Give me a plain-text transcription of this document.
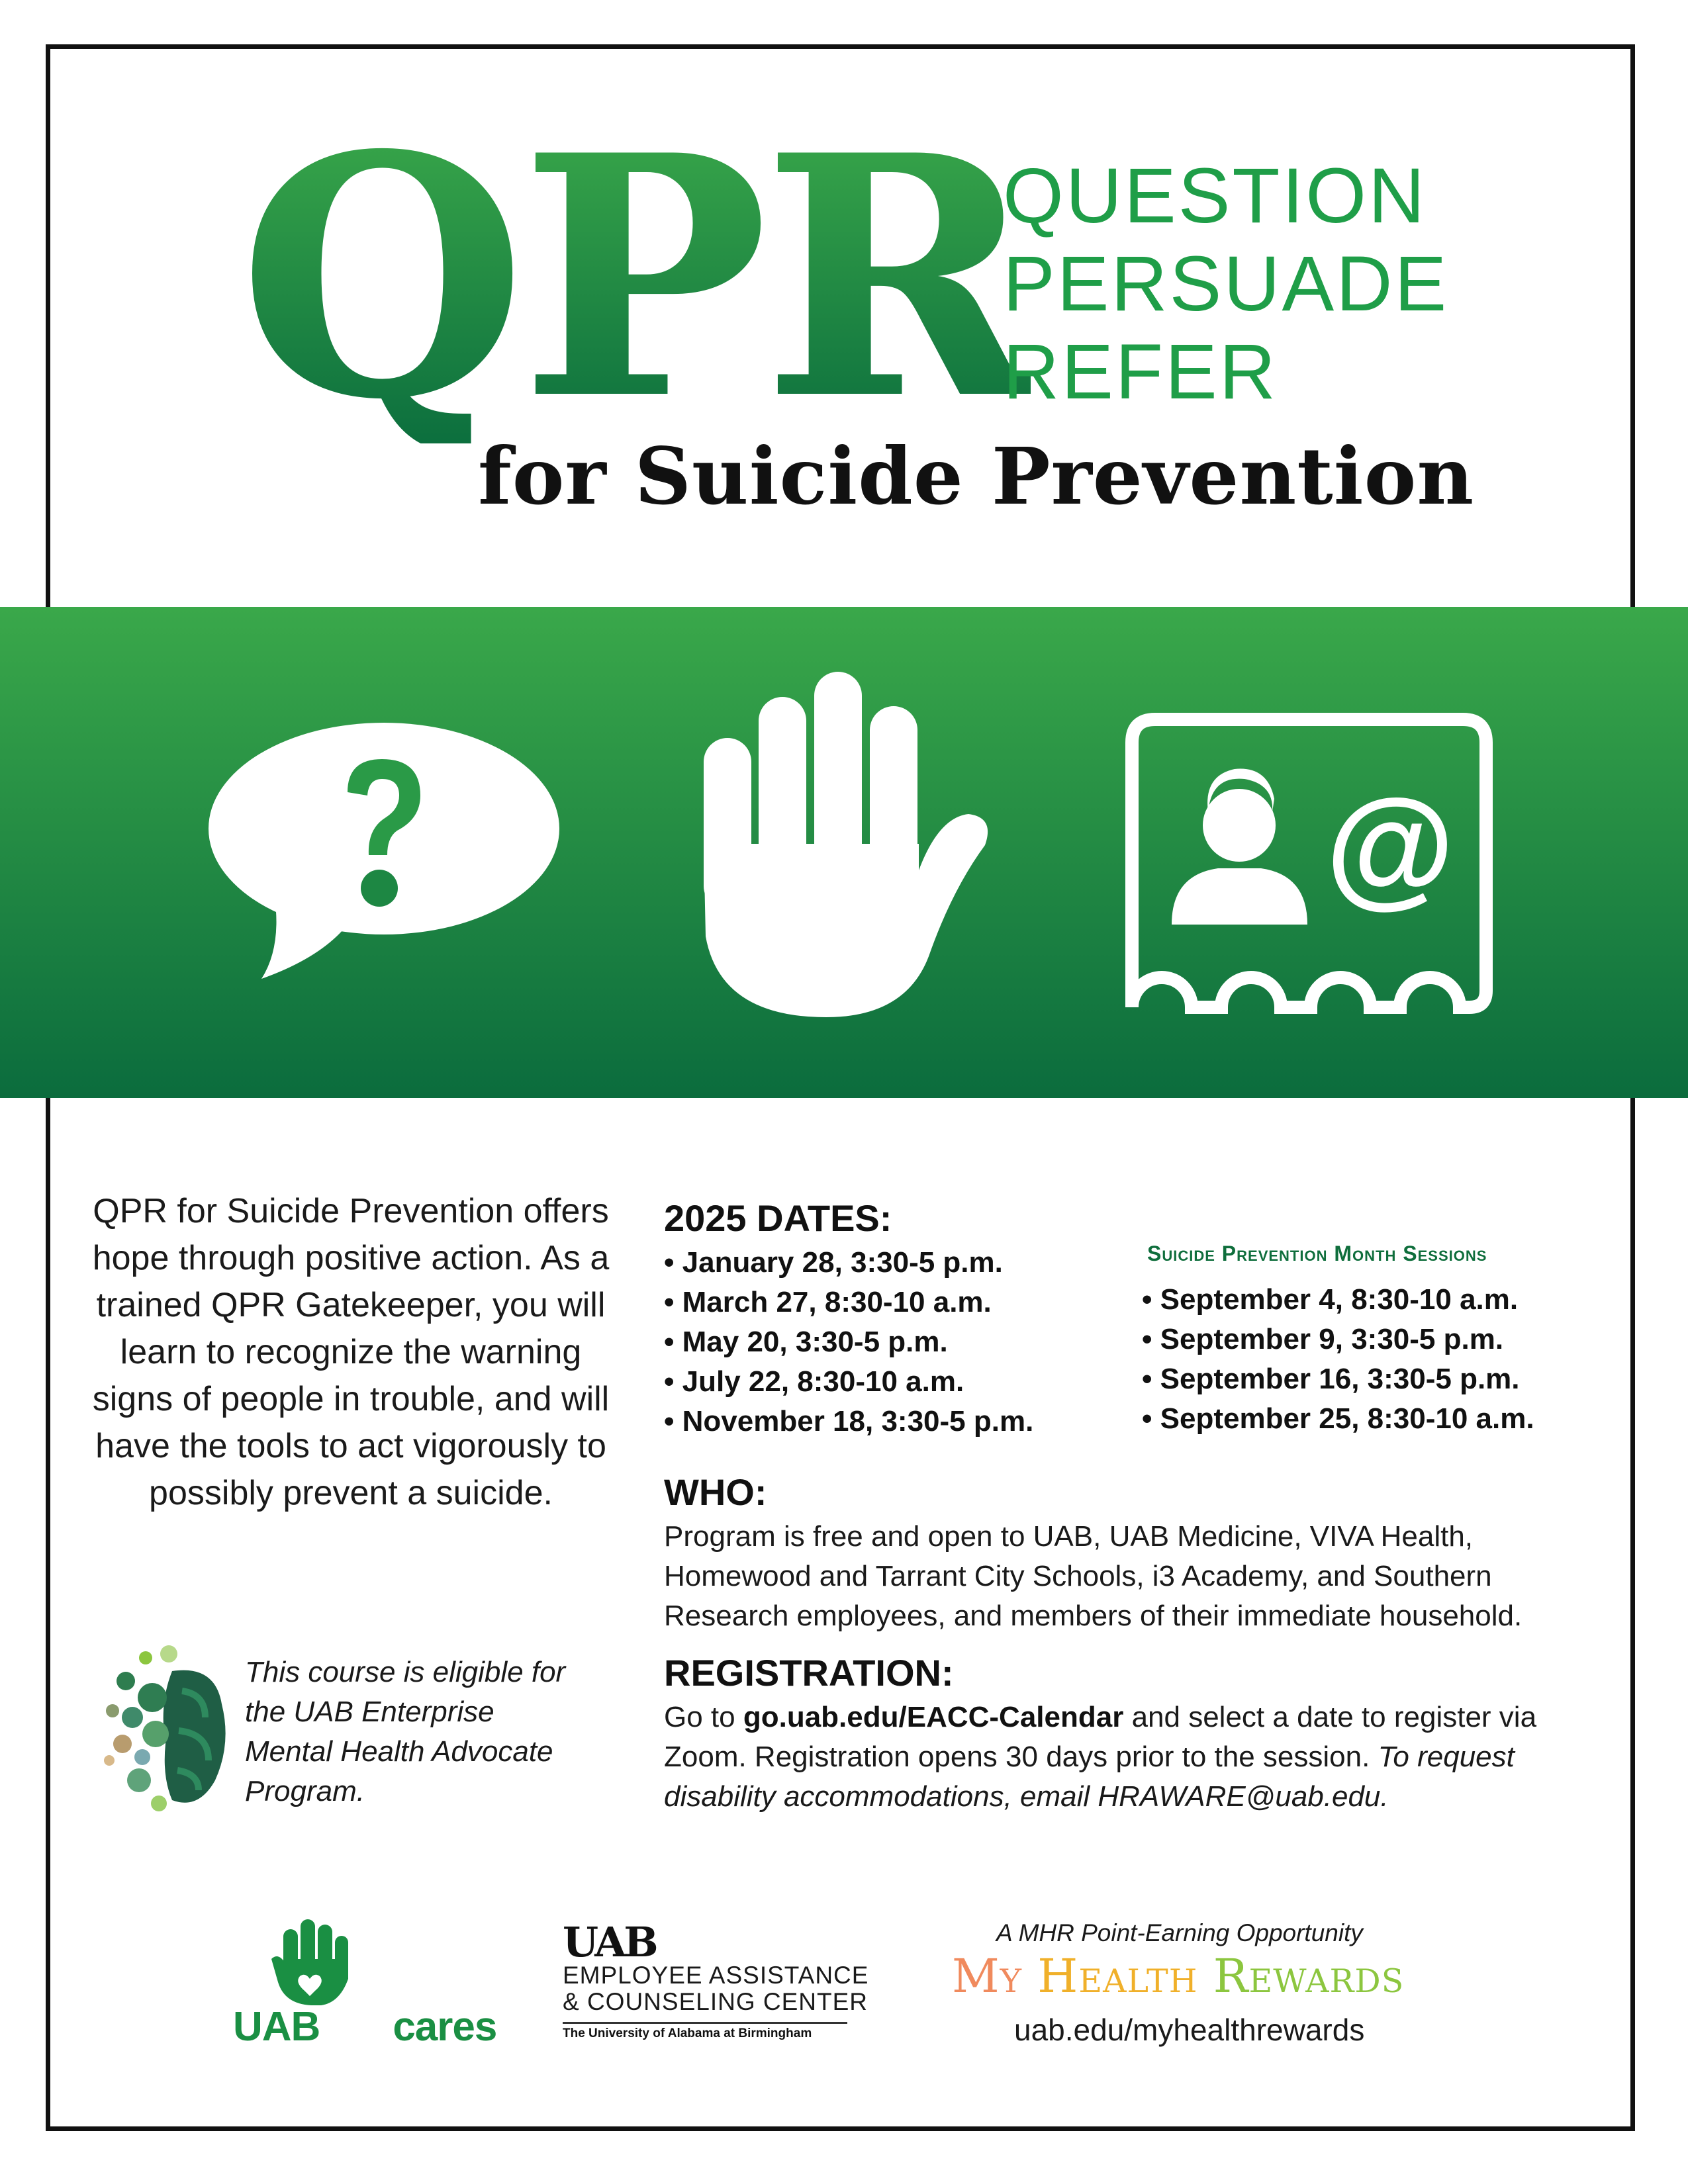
QPR
QUESTION
PERSUADE
REFER
for Suicide Prevention
@
QPR for Suicide Prevention offers hope through positive action. As a trained QPR Gatekeeper, you will learn to recognize the warning signs of people in trouble, and will have the tools to act vigorously to possibly prevent a suicide.
This course is eligible for the UAB Enterprise Mental Health Advocate Program.
2025 DATES:
• January 28, 3:30-5 p.m.
• March 27, 8:30-10 a.m.
• May 20, 3:30-5 p.m.
• July 22, 8:30-10 a.m.
• November 18, 3:30-5 p.m.
Suicide Prevention Month Sessions
• September 4, 8:30-10 a.m.
• September 9, 3:30-5 p.m.
• September 16, 3:30-5 p.m.
• September 25, 8:30-10 a.m.
WHO:
Program is free and open to UAB, UAB Medicine, VIVA Health, Homewood and Tarrant City Schools, i3 Academy, and Southern Research employees, and members of their immediate household.
REGISTRATION:
Go to go.uab.edu/EACC-Calendar and select a date to register via Zoom. Registration opens 30 days prior to the session. To request disability accommodations, email HRAWARE@uab.edu.
UAB cares
UAB
EMPLOYEE ASSISTANCE
& COUNSELING CENTER
The University of Alabama at Birmingham
A MHR Point-Earning Opportunity
My Health Rewards
uab.edu/myhealthrewards
